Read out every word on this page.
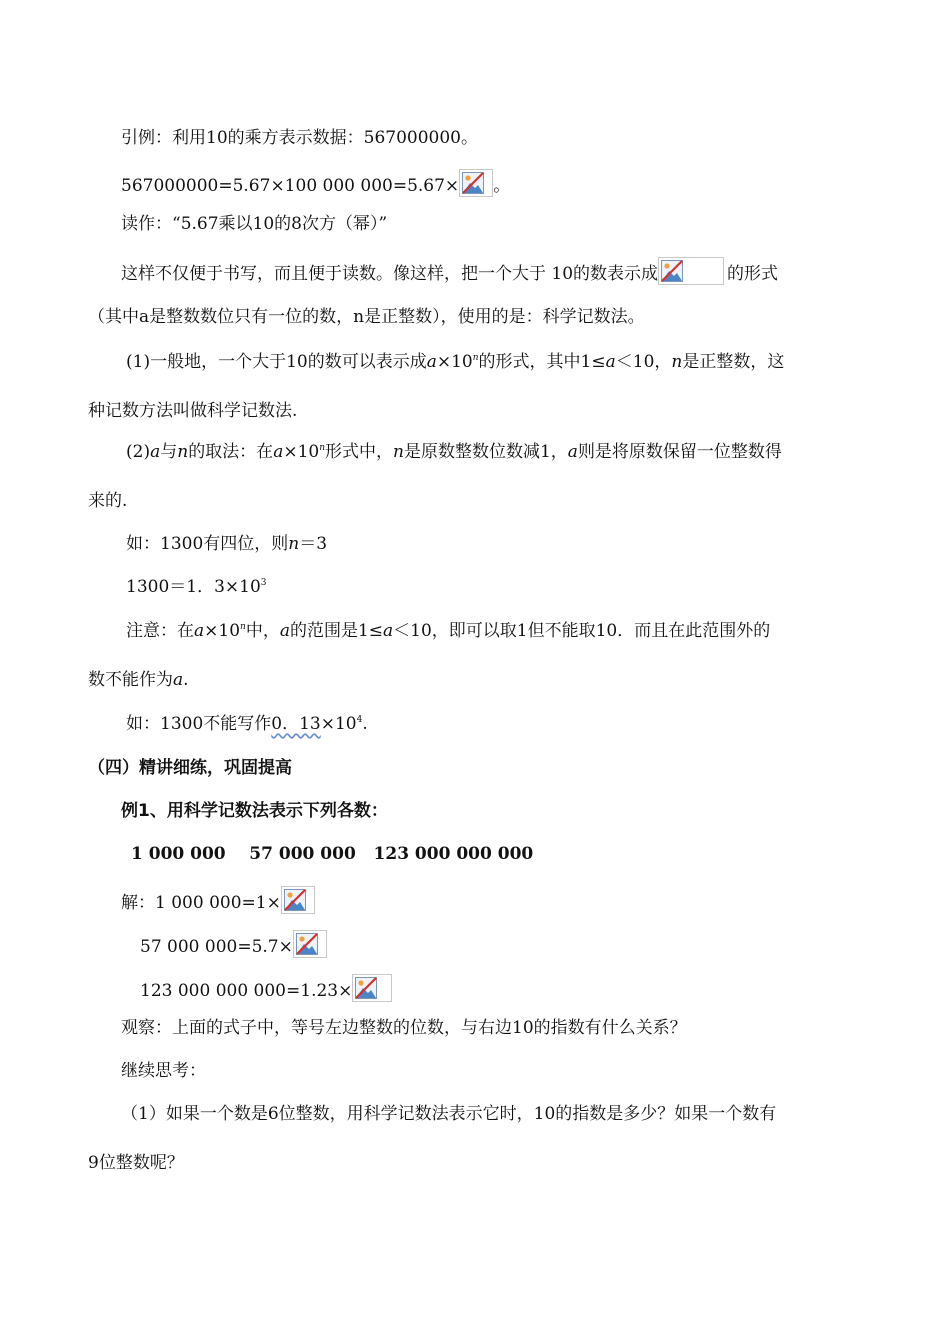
引例：利用10的乘方表示数据：567000000。
567000000=5.67×100 000 000=5.67× 。
读作：“5.67乘以10的8次方（幂）”
这样不仅便于书写，而且便于读数。像这样，把一个大于 10的数表示成	的形式
（其中a是整数数位只有一位的数，n是正整数），使用的是：科学记数法。
(1)一般地，一个大于10的数可以表示成$a\times 10^n$的形式，其中1≤a＜10，n是正整数，这
种记数方法叫做科学记数法.
(2)a与n的取法：在$a\times 10^n$形式中，n是原数整数位数减1，a则是将原数保留一位整数得
来的.
如：1300有四位，则n＝3
1300＝1．$3\times 10^3$
注意：在$a\times 10^n$中，a的范围是1≤a＜10，即可以取1但不能取10．而且在此范围外的
数不能作为a.
如：1300不能写作0．$13\times 10^4$.
（四）精讲细练，巩固提高
例1、用科学记数法表示下列各数：
1 000 000    57 000 000   123 000 000 000
解：1 000 000=1×
57 000 000=5.7×
123 000 000 000=1.23×
观察：上面的式子中，等号左边整数的位数，与右边10的指数有什么关系？
继续思考：
（1）如果一个数是6位整数，用科学记数法表示它时，10的指数是多少？如果一个数有
9位整数呢？
